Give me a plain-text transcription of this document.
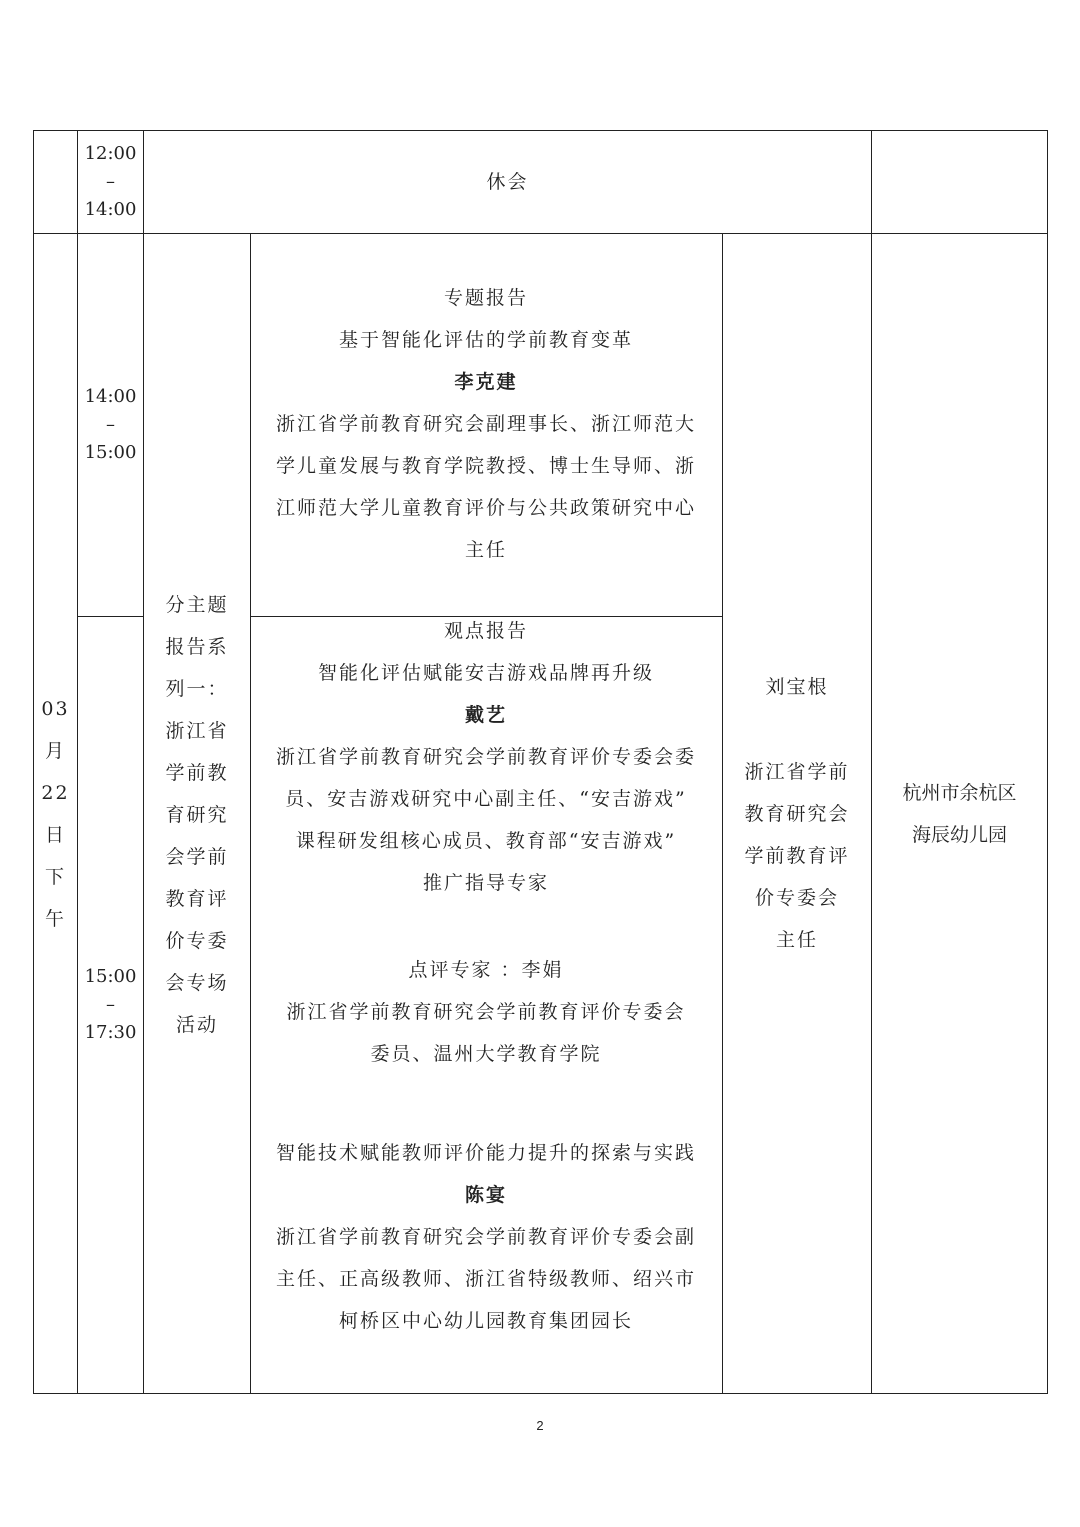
12:00
–
14:00
休会
03
月
22
日
下
午
14:00
–
15:00
15:00
–
17:30
分主题
报告系
列一：
浙江省
学前教
育研究
会学前
教育评
价专委
会专场
活动
专题报告
基于智能化评估的学前教育变革
李克建
浙江省学前教育研究会副理事长、浙江师范大
学儿童发展与教育学院教授、博士生导师、浙
江师范大学儿童教育评价与公共政策研究中心
主任
观点报告
智能化评估赋能安吉游戏品牌再升级
戴艺
浙江省学前教育研究会学前教育评价专委会委
员、安吉游戏研究中心副主任、“安吉游戏”
课程研发组核心成员、教育部“安吉游戏”
推广指导专家
点评专家 ：李娟
浙江省学前教育研究会学前教育评价专委会
委员、温州大学教育学院
智能技术赋能教师评价能力提升的探索与实践
陈宴
浙江省学前教育研究会学前教育评价专委会副
主任、正高级教师、浙江省特级教师、绍兴市
柯桥区中心幼儿园教育集团园长
刘宝根
浙江省学前
教育研究会
学前教育评
价专委会
主任
杭州市余杭区
海辰幼儿园
2
